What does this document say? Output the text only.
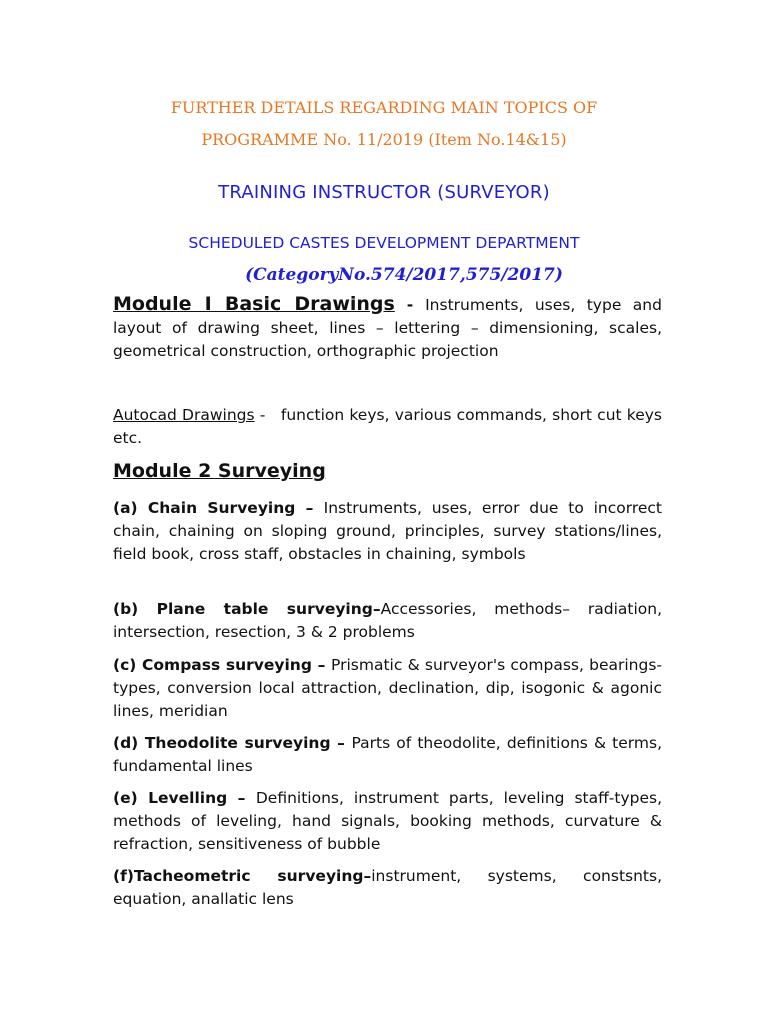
FURTHER DETAILS REGARDING MAIN TOPICS OF
PROGRAMME No. 11/2019 (Item No.14&15)
TRAINING INSTRUCTOR (SURVEYOR)
SCHEDULED CASTES DEVELOPMENT DEPARTMENT
(CategoryNo.574/2017,575/2017)
Module I Basic Drawings - Instruments, uses, type and layout of drawing sheet, lines – lettering – dimensioning, scales, geometrical construction, orthographic projection
Autocad Drawings -   function keys, various commands, short cut keys etc.
Module 2 Surveying
(a) Chain Surveying – Instruments, uses, error due to incorrect chain, chaining on sloping ground, principles, survey stations/lines, field book, cross staff, obstacles in chaining, symbols
(b) Plane table surveying–Accessories, methods– radiation, intersection, resection, 3 & 2 problems
(c) Compass surveying – Prismatic & surveyor's compass, bearings-types, conversion local attraction, declination, dip, isogonic & agonic lines, meridian
(d) Theodolite surveying – Parts of theodolite, definitions & terms, fundamental lines
(e) Levelling – Definitions, instrument parts, leveling staff-types, methods of leveling, hand signals, booking methods, curvature & refraction, sensitiveness of bubble
(f)Tacheometric surveying–instrument, systems, constsnts, equation, anallatic lens
